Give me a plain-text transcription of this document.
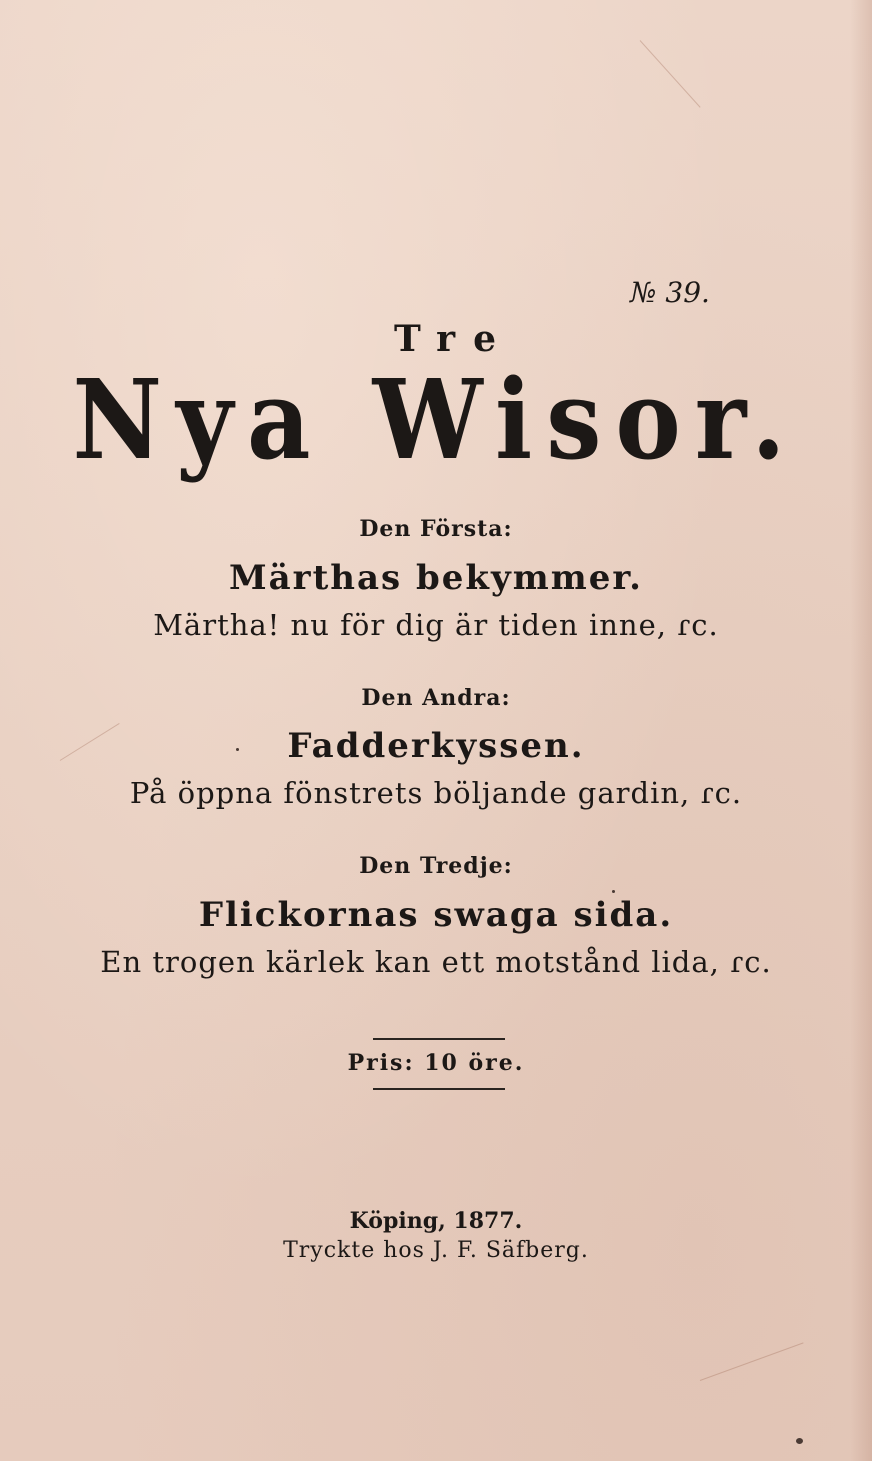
№ 39.
Tre
Nya Wisor.
Den Första:
Märthas bekymmer.
Märtha! nu för dig är tiden inne, ɾc.
Den Andra:
Fadderkyssen.
På öppna fönstrets böljande gardin, ɾc.
Den Tredje:
Flickornas swaga sida.
En trogen kärlek kan ett motstånd lida, ɾc.
Pris: 10 öre.
Köping, 1877.
Tryckte hos J. F. Säfberg.
